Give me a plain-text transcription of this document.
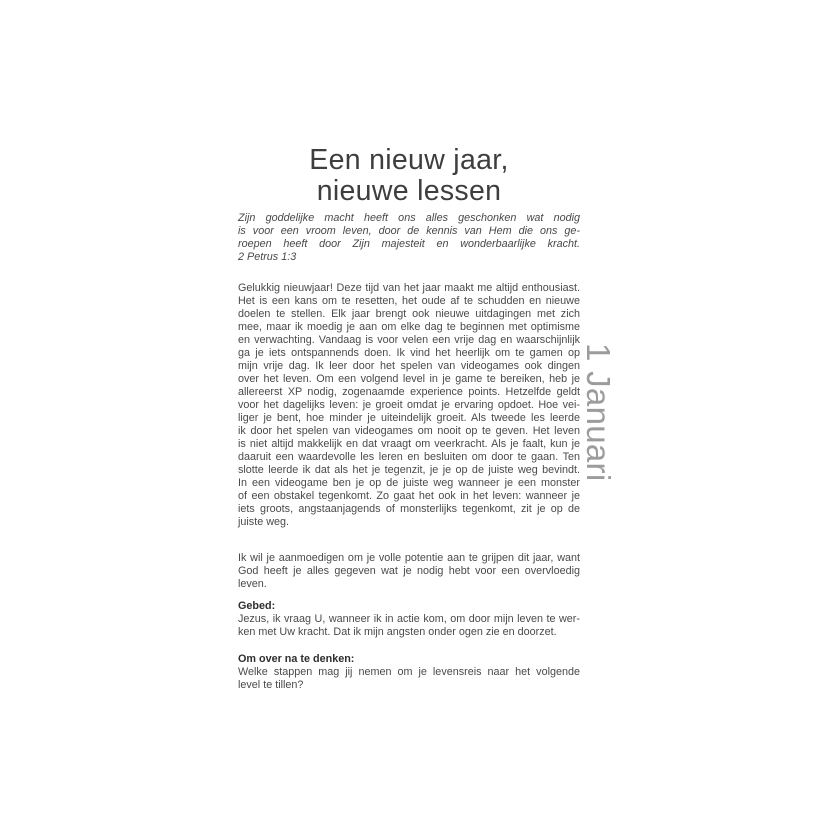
Een nieuw jaar,
nieuwe lessen
Zijn goddelijke macht heeft ons alles geschonken wat nodig
is voor een vroom leven, door de kennis van Hem die ons ge-
roepen heeft door Zijn majesteit en wonderbaarlijke kracht.
2 Petrus 1:3
Gelukkig nieuwjaar! Deze tijd van het jaar maakt me altijd enthousiast.
Het is een kans om te resetten, het oude af te schudden en nieuwe
doelen te stellen. Elk jaar brengt ook nieuwe uitdagingen met zich
mee, maar ik moedig je aan om elke dag te beginnen met optimisme
en verwachting. Vandaag is voor velen een vrije dag en waarschijnlijk
ga je iets ontspannends doen. Ik vind het heerlijk om te gamen op
mijn vrije dag. Ik leer door het spelen van videogames ook dingen
over het leven. Om een volgend level in je game te bereiken, heb je
allereerst XP nodig, zogenaamde experience points. Hetzelfde geldt
voor het dagelijks leven: je groeit omdat je ervaring opdoet. Hoe vei-
liger je bent, hoe minder je uiteindelijk groeit. Als tweede les leerde
ik door het spelen van videogames om nooit op te geven. Het leven
is niet altijd makkelijk en dat vraagt om veerkracht. Als je faalt, kun je
daaruit een waardevolle les leren en besluiten om door te gaan. Ten
slotte leerde ik dat als het je tegenzit, je je op de juiste weg bevindt.
In een videogame ben je op de juiste weg wanneer je een monster
of een obstakel tegenkomt. Zo gaat het ook in het leven: wanneer je
iets groots, angstaanjagends of monsterlijks tegenkomt, zit je op de
juiste weg.
Ik wil je aanmoedigen om je volle potentie aan te grijpen dit jaar, want
God heeft je alles gegeven wat je nodig hebt voor een overvloedig
leven.
Gebed:
Jezus, ik vraag U, wanneer ik in actie kom, om door mijn leven te wer-
ken met Uw kracht. Dat ik mijn angsten onder ogen zie en doorzet.
Om over na te denken:
Welke stappen mag jij nemen om je levensreis naar het volgende
level te tillen?
1 Januari
